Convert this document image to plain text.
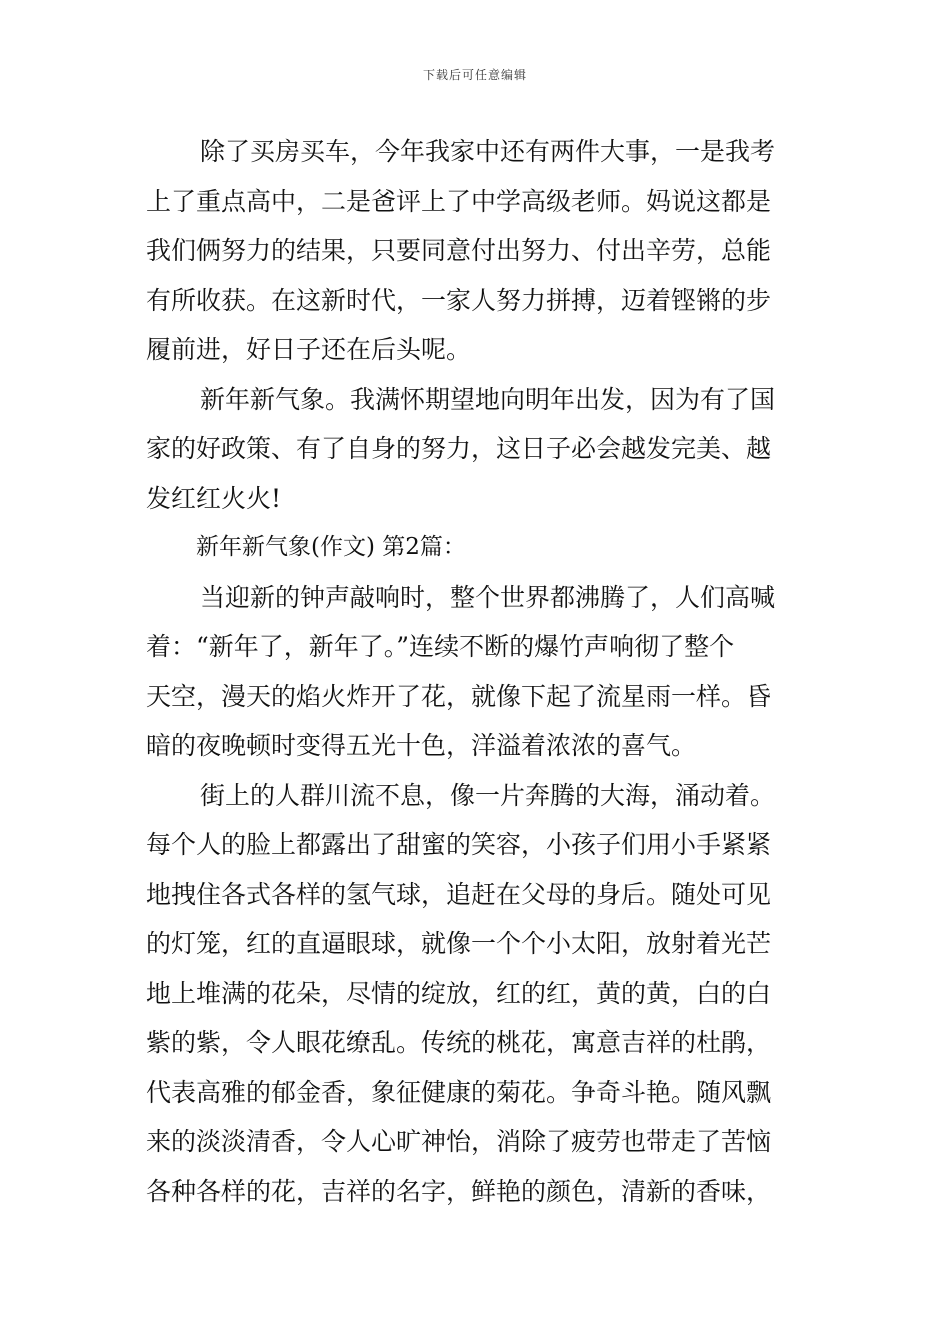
下载后可任意编辑
除了买房买车，今年我家中还有两件大事，一是我考
上了重点高中，二是爸评上了中学高级老师。妈说这都是
我们俩努力的结果，只要同意付出努力、付出辛劳，总能
有所收获。在这新时代，一家人努力拼搏，迈着铿锵的步
履前进，好日子还在后头呢。
新年新气象。我满怀期望地向明年出发，因为有了国
家的好政策、有了自身的努力，这日子必会越发完美、越
发红红火火!
新年新气象(作文) 第2篇：
当迎新的钟声敲响时，整个世界都沸腾了，人们高喊
着：“新年了，新年了。”连续不断的爆竹声响彻了整个
天空，漫天的焰火炸开了花，就像下起了流星雨一样。昏
暗的夜晚顿时变得五光十色，洋溢着浓浓的喜气。
街上的人群川流不息，像一片奔腾的大海，涌动着。
每个人的脸上都露出了甜蜜的笑容，小孩子们用小手紧紧
地拽住各式各样的氢气球，追赶在父母的身后。随处可见
的灯笼，红的直逼眼球，就像一个个小太阳，放射着光芒
地上堆满的花朵，尽情的绽放，红的红，黄的黄，白的白
紫的紫，令人眼花缭乱。传统的桃花，寓意吉祥的杜鹃，
代表高雅的郁金香，象征健康的菊花。争奇斗艳。随风飘
来的淡淡清香，令人心旷神怡，消除了疲劳也带走了苦恼
各种各样的花，吉祥的名字，鲜艳的颜色，清新的香味，
